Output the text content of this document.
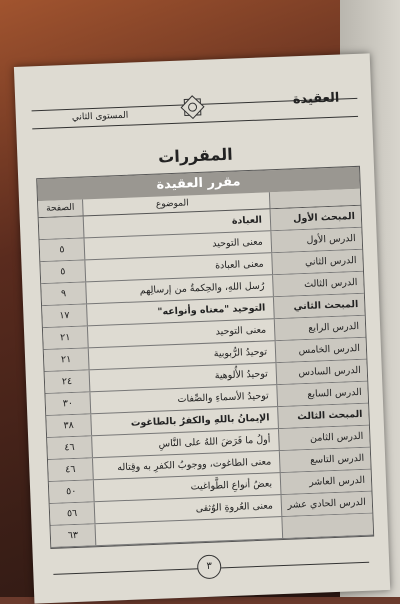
العقيدة
المستوى الثاني
المقررات
مقرر العقيدة
الموضوع
الصفحة
المبحث الأول
العبادة
الدرس الأول
معنى التوحيد
٥
الدرس الثاني
معنى العبادة
٥
الدرس الثالث
رُسل اللهِ، والحِكمةُ من إرسالِهم
٩
المبحث الثاني
التوحيد "معناه وأنواعه"
١٧
الدرس الرابع
معنى التوحيد
٢١
الدرس الخامس
توحيدُ الرُّبوبية
٢١
الدرس السادس
توحيدُ الأُلوهية
٢٤
الدرس السابع
توحيدُ الأسماءِ والصِّفات
٣٠
المبحث الثالث
الإيمانُ باللهِ والكفرُ بالطاغوت
٣٨
الدرس الثامن
أولُ ما فَرَضَ اللهُ على النَّاسِ
٤٦
الدرس التاسع
معنى الطاغوت، ووجوبُ الكفرِ به وقِتاله
٤٦
الدرس العاشر
بعضُ أنواعِ الطَّواغيت
٥٠
الدرس الحادي عشر
معنى العُروةِ الوُثقى
٥٦
٦٣
٣
